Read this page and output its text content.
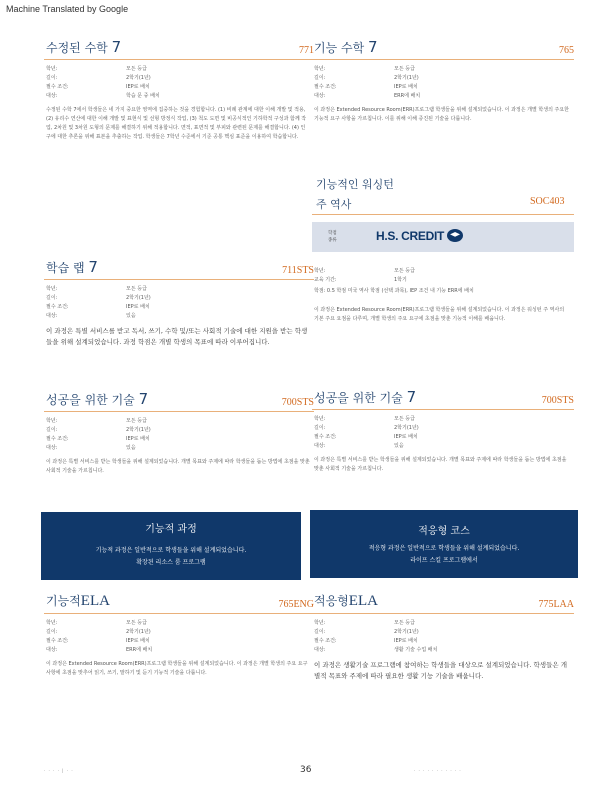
Machine Translated by Google
수정된 수학 7	771
학년:	모든 등급
길이:	2학기(1년)
필수 조건:	IEP로 배치
대상:	학습 문 중 배치
수정된 수학 7에서 학생들은 네 가지 중요한 영역에 집중하는 것을 경험합니다. (1) 비례 관계에 대한 이해 개발 및 적용, (2) 유리수 연산에 대한 이해 개발 및 표현식 및 선형 방정식 작업, (3) 척도 도면 및 비공식적인 기하학적 구성과 함께 작업, 2차원 및 3차원 도형의 문제를 해결하기 위해 적용합니다. 면적, 표면적 및 부피와 관련된 문제를 해결합니다. (4) 인구에 대한 추론을 위해 표본을 추출하는 작업. 학생들은 7학년 수준에서 기준 공통 핵심 표준을 이용하여 학습합니다.
학습 랩 7	711STS
학년:	모든 등급
길이:	2학기(1년)
필수 조건:	IEP로 배치
대상:	있음
이 과정은 특별 서비스를 받고 독서, 쓰기, 수학 및/또는 사회적 기술에 대한 지원을 받는 학생들을 위해 설계되었습니다. 과정 학점은 개별 학생의 목표에 따라 이루어집니다.
성공을 위한 기술 7	700STS
학년:	모든 등급
길이:	2학기(1년)
필수 조건:	IEP로 배치
대상:	있음
이 과정은 특별 서비스를 받는 학생들을 위해 설계되었습니다. 개별 목표와 주제에 따라 학생들을 돕는 방법에 초점을 맞춘 사회적 기술을 가르칩니다.
기능적 과정
기능적 과정은 일반적으로 학생들을 위해 설계되었습니다.
확장된 리소스 룸 프로그램
기능적ELA	765ENG
학년:	모든 등급
길이:	2학기(1년)
필수 조건:	IEP로 배치
대상:	ERR에 배치
이 과정은 Extended Resource Room(ERR)프로그램 학생들을 위해 설계되었습니다. 이 과정은 개별 학생의 주요 요구 사항에 초점을 맞추어 읽기, 쓰기, 말하기 및 듣기 기능적 기술을 다룹니다.
기능 수학 7	765
학년:	모든 등급
길이:	2학기(1년)
필수 조건:	IEP로 배치
대상:	ERR에 배치
이 과정은 Extended Resource Room(ERR)프로그램 학생들을 위해 설계되었습니다. 이 과정은 개별 학생의 주요한 기능적 요구 사항을 가르칩니다. 이를 위해 이해 증진된 기술을 다룹니다.
기능적인 워싱턴
주 역사	SOC403
학점
종류	H.S. CREDIT
학년:	모든 등급
교육 기간:	1학기
학점: 0.5 학점 미국 역사 학점 (선택 과목), IEP 조건 내 기능 ERR에 배치
이 과정은 Extended Resource Room(ERR)프로그램 학생들을 위해 설계되었습니다. 이 과정은 워싱턴 주 역사의 기본 주요 요점을 다루며, 개별 학생의 주요 요구에 초점을 맞춘 기능적 이해를 배웁니다.
성공을 위한 기술 7	700STS
학년:	모든 등급
길이:	2학기(1년)
필수 조건:	IEP로 배치
대상:	있음
이 과정은 특별 서비스를 받는 학생들을 위해 설계되었습니다. 개별 목표와 주제에 따라 학생들을 돕는 방법에 초점을 맞춘 사회적 기술을 가르칩니다.
적응형 코스
적응형 과정은 일반적으로 학생들을 위해 설계되었습니다.
라이프 스킬 프로그램에서
적응형ELA	775LAA
학년:	모든 등급
길이:	2학기(1년)
필수 조건:	IEP로 배치
대상:	생활 기술 수업 배치
이 과정은 생활기술 프로그램에 참여하는 학생들을 대상으로 설계되었습니다. 학생들은 개별적 목표와 주제에 따라 필요한 생활 기능 기술을 배웁니다.
· · · · | · ·	36	· · · · · · · · · · ·
